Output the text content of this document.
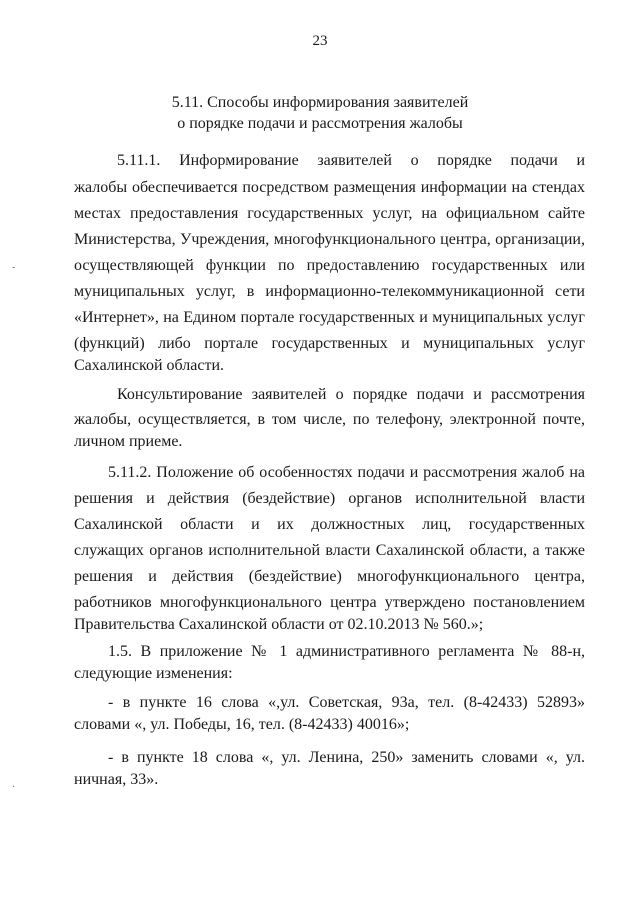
23
5.11. Способы информирования заявителей
о порядке подачи и рассмотрения жалобы
5.11.1. Информирование заявителей о порядке подачи и
жалобы обеспечивается посредством размещения информации на стендах
местах предоставления государственных услуг, на официальном сайте
Министерства, Учреждения, многофункционального центра, организации,
осуществляющей функции по предоставлению государственных или
муниципальных услуг, в информационно-телекоммуникационной сети
«Интернет», на Едином портале государственных и муниципальных услуг
(функций) либо портале государственных и муниципальных услуг
Сахалинской области.
Консультирование заявителей о порядке подачи и рассмотрения
жалобы, осуществляется, в том числе, по телефону, электронной почте,
личном приеме.
5.11.2. Положение об особенностях подачи и рассмотрения жалоб на
решения и действия (бездействие) органов исполнительной власти
Сахалинской области и их должностных лиц, государственных
служащих органов исполнительной власти Сахалинской области, а также
решения и действия (бездействие) многофункционального центра,
работников многофункционального центра утверждено постановлением
Правительства Сахалинской области от 02.10.2013 № 560.»;
1.5. В приложение № 1 административного регламента № 88-н,
следующие изменения:
- в пункте 16 слова «,ул. Советская, 93а, тел. (8-42433) 52893»
словами «, ул. Победы, 16, тел. (8-42433) 40016»;
- в пункте 18 слова «, ул. Ленина, 250» заменить словами «, ул.
ничная, 33».
-
·
